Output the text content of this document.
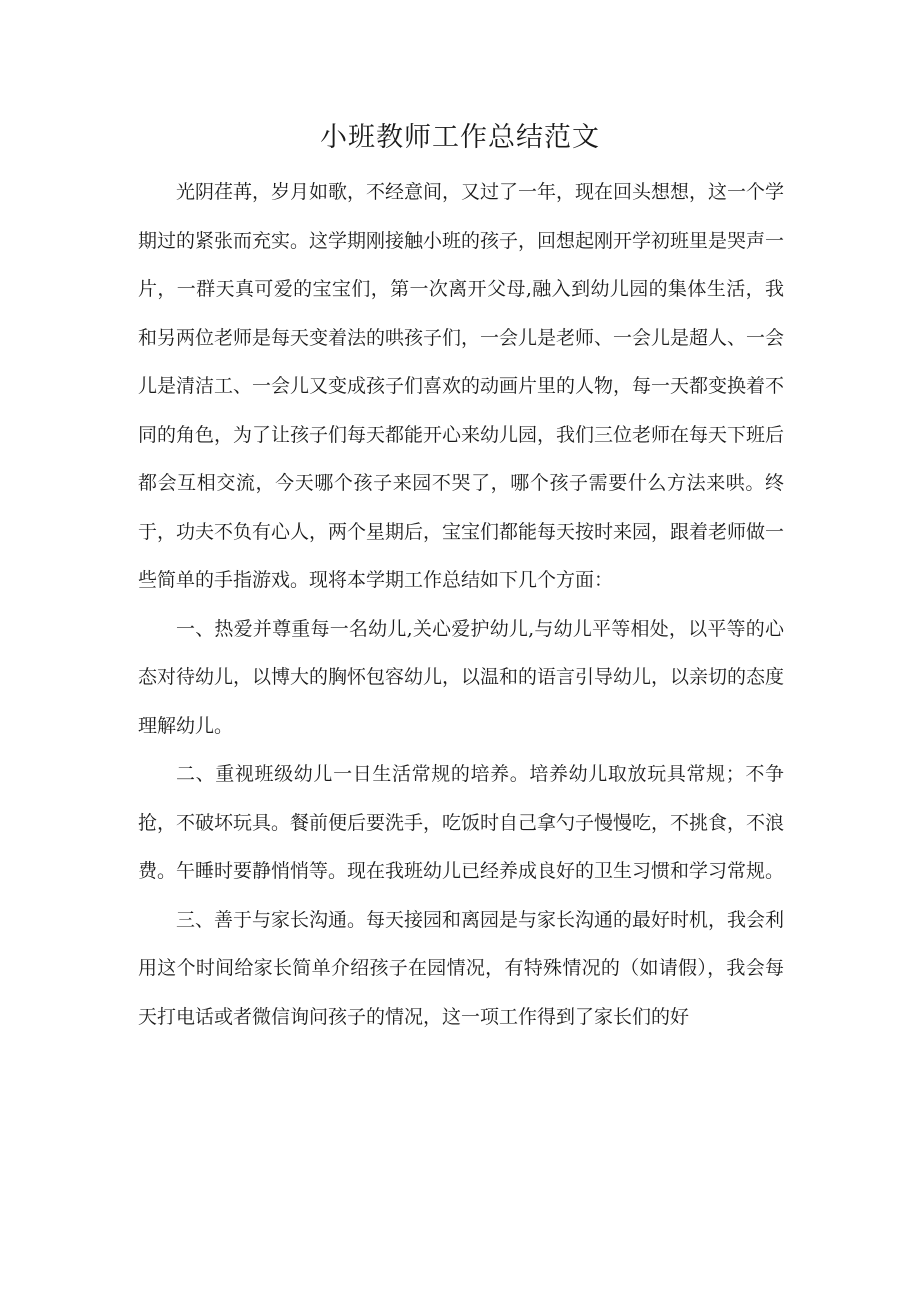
小班教师工作总结范文

光阴荏苒，岁月如歌，不经意间，又过了一年，现在回头想想，这一个学期过的紧张而充实。这学期刚接触小班的孩子，回想起刚开学初班里是哭声一片，一群天真可爱的宝宝们，第一次离开父母,融入到幼儿园的集体生活，我和另两位老师是每天变着法的哄孩子们，一会儿是老师、一会儿是超人、一会儿是清洁工、一会儿又变成孩子们喜欢的动画片里的人物，每一天都变换着不同的角色，为了让孩子们每天都能开心来幼儿园，我们三位老师在每天下班后都会互相交流，今天哪个孩子来园不哭了，哪个孩子需要什么方法来哄。终于，功夫不负有心人，两个星期后，宝宝们都能每天按时来园，跟着老师做一些简单的手指游戏。现将本学期工作总结如下几个方面：

一、热爱并尊重每一名幼儿,关心爱护幼儿,与幼儿平等相处，以平等的心态对待幼儿，以博大的胸怀包容幼儿，以温和的语言引导幼儿，以亲切的态度理解幼儿。

二、重视班级幼儿一日生活常规的培养。培养幼儿取放玩具常规；不争抢，不破坏玩具。餐前便后要洗手，吃饭时自己拿勺子慢慢吃，不挑食，不浪费。午睡时要静悄悄等。现在我班幼儿已经养成良好的卫生习惯和学习常规。

三、善于与家长沟通。每天接园和离园是与家长沟通的最好时机，我会利用这个时间给家长简单介绍孩子在园情况，有特殊情况的（如请假），我会每天打电话或者微信询问孩子的情况，这一项工作得到了家长们的好
